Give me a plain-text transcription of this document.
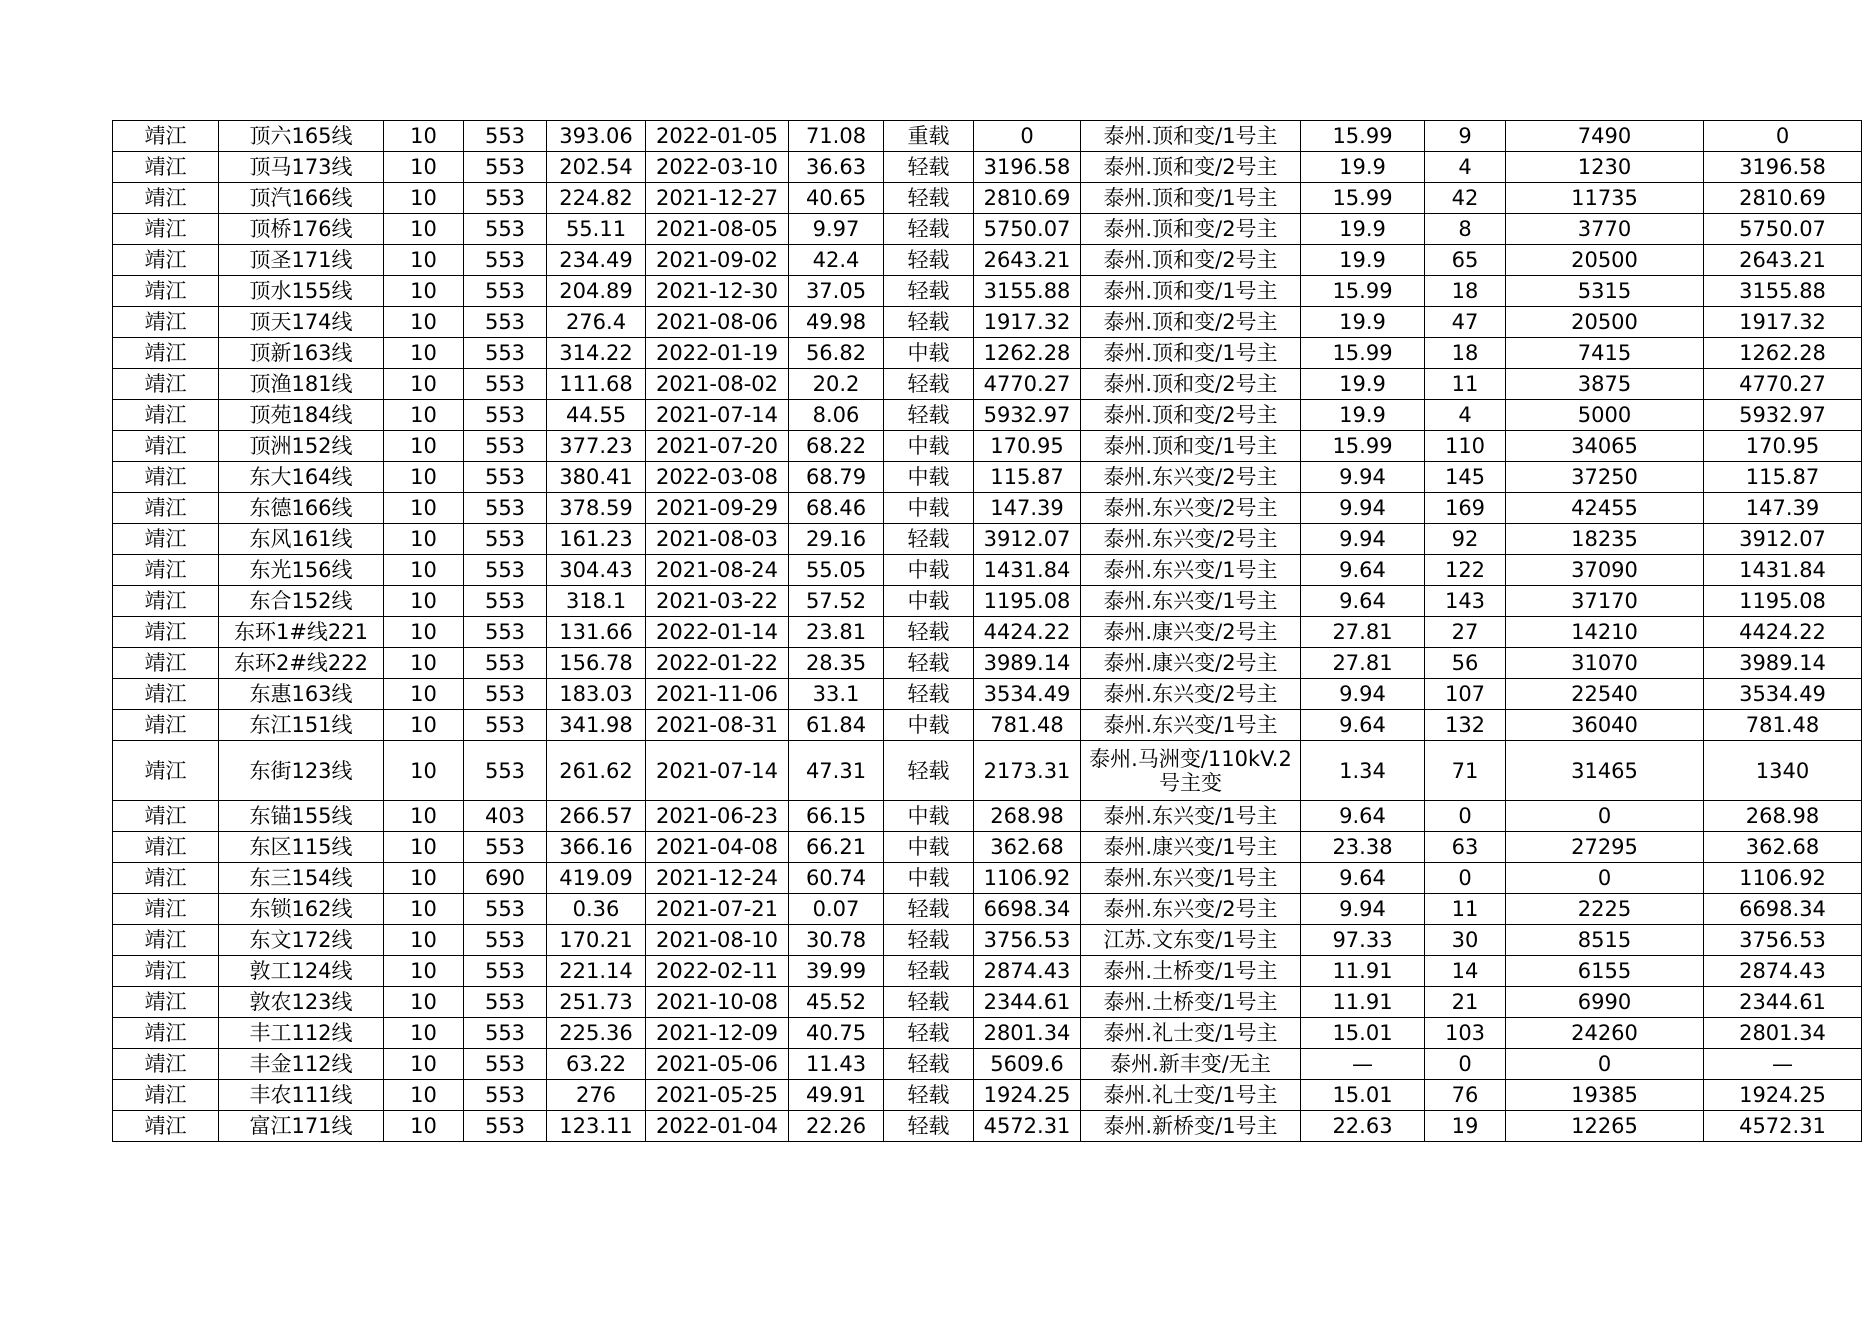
靖江	顶六165线	10	553	393.06	2022-01-05	71.08	重载	0	泰州.顶和变/1号主	15.99	9	7490	0
靖江	顶马173线	10	553	202.54	2022-03-10	36.63	轻载	3196.58	泰州.顶和变/2号主	19.9	4	1230	3196.58
靖江	顶汽166线	10	553	224.82	2021-12-27	40.65	轻载	2810.69	泰州.顶和变/1号主	15.99	42	11735	2810.69
靖江	顶桥176线	10	553	55.11	2021-08-05	9.97	轻载	5750.07	泰州.顶和变/2号主	19.9	8	3770	5750.07
靖江	顶圣171线	10	553	234.49	2021-09-02	42.4	轻载	2643.21	泰州.顶和变/2号主	19.9	65	20500	2643.21
靖江	顶水155线	10	553	204.89	2021-12-30	37.05	轻载	3155.88	泰州.顶和变/1号主	15.99	18	5315	3155.88
靖江	顶天174线	10	553	276.4	2021-08-06	49.98	轻载	1917.32	泰州.顶和变/2号主	19.9	47	20500	1917.32
靖江	顶新163线	10	553	314.22	2022-01-19	56.82	中载	1262.28	泰州.顶和变/1号主	15.99	18	7415	1262.28
靖江	顶渔181线	10	553	111.68	2021-08-02	20.2	轻载	4770.27	泰州.顶和变/2号主	19.9	11	3875	4770.27
靖江	顶苑184线	10	553	44.55	2021-07-14	8.06	轻载	5932.97	泰州.顶和变/2号主	19.9	4	5000	5932.97
靖江	顶洲152线	10	553	377.23	2021-07-20	68.22	中载	170.95	泰州.顶和变/1号主	15.99	110	34065	170.95
靖江	东大164线	10	553	380.41	2022-03-08	68.79	中载	115.87	泰州.东兴变/2号主	9.94	145	37250	115.87
靖江	东德166线	10	553	378.59	2021-09-29	68.46	中载	147.39	泰州.东兴变/2号主	9.94	169	42455	147.39
靖江	东风161线	10	553	161.23	2021-08-03	29.16	轻载	3912.07	泰州.东兴变/2号主	9.94	92	18235	3912.07
靖江	东光156线	10	553	304.43	2021-08-24	55.05	中载	1431.84	泰州.东兴变/1号主	9.64	122	37090	1431.84
靖江	东合152线	10	553	318.1	2021-03-22	57.52	中载	1195.08	泰州.东兴变/1号主	9.64	143	37170	1195.08
靖江	东环1#线221	10	553	131.66	2022-01-14	23.81	轻载	4424.22	泰州.康兴变/2号主	27.81	27	14210	4424.22
靖江	东环2#线222	10	553	156.78	2022-01-22	28.35	轻载	3989.14	泰州.康兴变/2号主	27.81	56	31070	3989.14
靖江	东惠163线	10	553	183.03	2021-11-06	33.1	轻载	3534.49	泰州.东兴变/2号主	9.94	107	22540	3534.49
靖江	东江151线	10	553	341.98	2021-08-31	61.84	中载	781.48	泰州.东兴变/1号主	9.64	132	36040	781.48
靖江	东街123线	10	553	261.62	2021-07-14	47.31	轻载	2173.31	泰州.马洲变/110kV.2号主变	1.34	71	31465	1340
靖江	东锚155线	10	403	266.57	2021-06-23	66.15	中载	268.98	泰州.东兴变/1号主	9.64	0	0	268.98
靖江	东区115线	10	553	366.16	2021-04-08	66.21	中载	362.68	泰州.康兴变/1号主	23.38	63	27295	362.68
靖江	东三154线	10	690	419.09	2021-12-24	60.74	中载	1106.92	泰州.东兴变/1号主	9.64	0	0	1106.92
靖江	东锁162线	10	553	0.36	2021-07-21	0.07	轻载	6698.34	泰州.东兴变/2号主	9.94	11	2225	6698.34
靖江	东文172线	10	553	170.21	2021-08-10	30.78	轻载	3756.53	江苏.文东变/1号主	97.33	30	8515	3756.53
靖江	敦工124线	10	553	221.14	2022-02-11	39.99	轻载	2874.43	泰州.土桥变/1号主	11.91	14	6155	2874.43
靖江	敦农123线	10	553	251.73	2021-10-08	45.52	轻载	2344.61	泰州.土桥变/1号主	11.91	21	6990	2344.61
靖江	丰工112线	10	553	225.36	2021-12-09	40.75	轻载	2801.34	泰州.礼士变/1号主	15.01	103	24260	2801.34
靖江	丰金112线	10	553	63.22	2021-05-06	11.43	轻载	5609.6	泰州.新丰变/无主	—	0	0	—
靖江	丰农111线	10	553	276	2021-05-25	49.91	轻载	1924.25	泰州.礼士变/1号主	15.01	76	19385	1924.25
靖江	富江171线	10	553	123.11	2022-01-04	22.26	轻载	4572.31	泰州.新桥变/1号主	22.63	19	12265	4572.31
